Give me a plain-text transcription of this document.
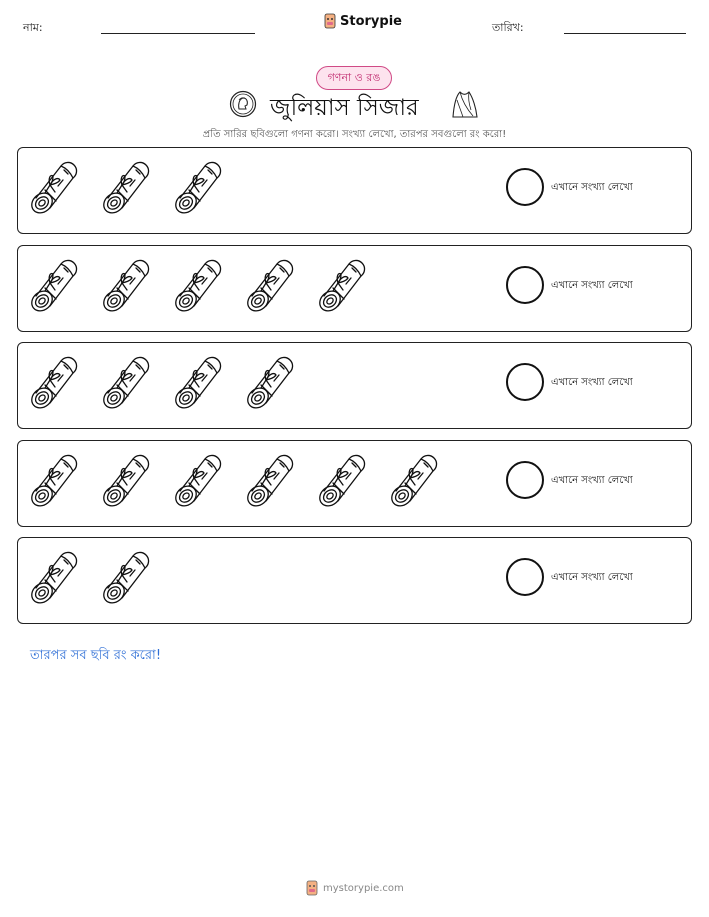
নাম:	Storypie	তারিখ:
গণনা ও রঙ
জুলিয়াস সিজার
প্রতি সারির ছবিগুলো গণনা করো। সংখ্যা লেখো, তারপর সবগুলো রং করো!
এখানে সংখ্যা লেখো
এখানে সংখ্যা লেখো
এখানে সংখ্যা লেখো
এখানে সংখ্যা লেখো
এখানে সংখ্যা লেখো
তারপর সব ছবি রং করো!
mystorypie.com
